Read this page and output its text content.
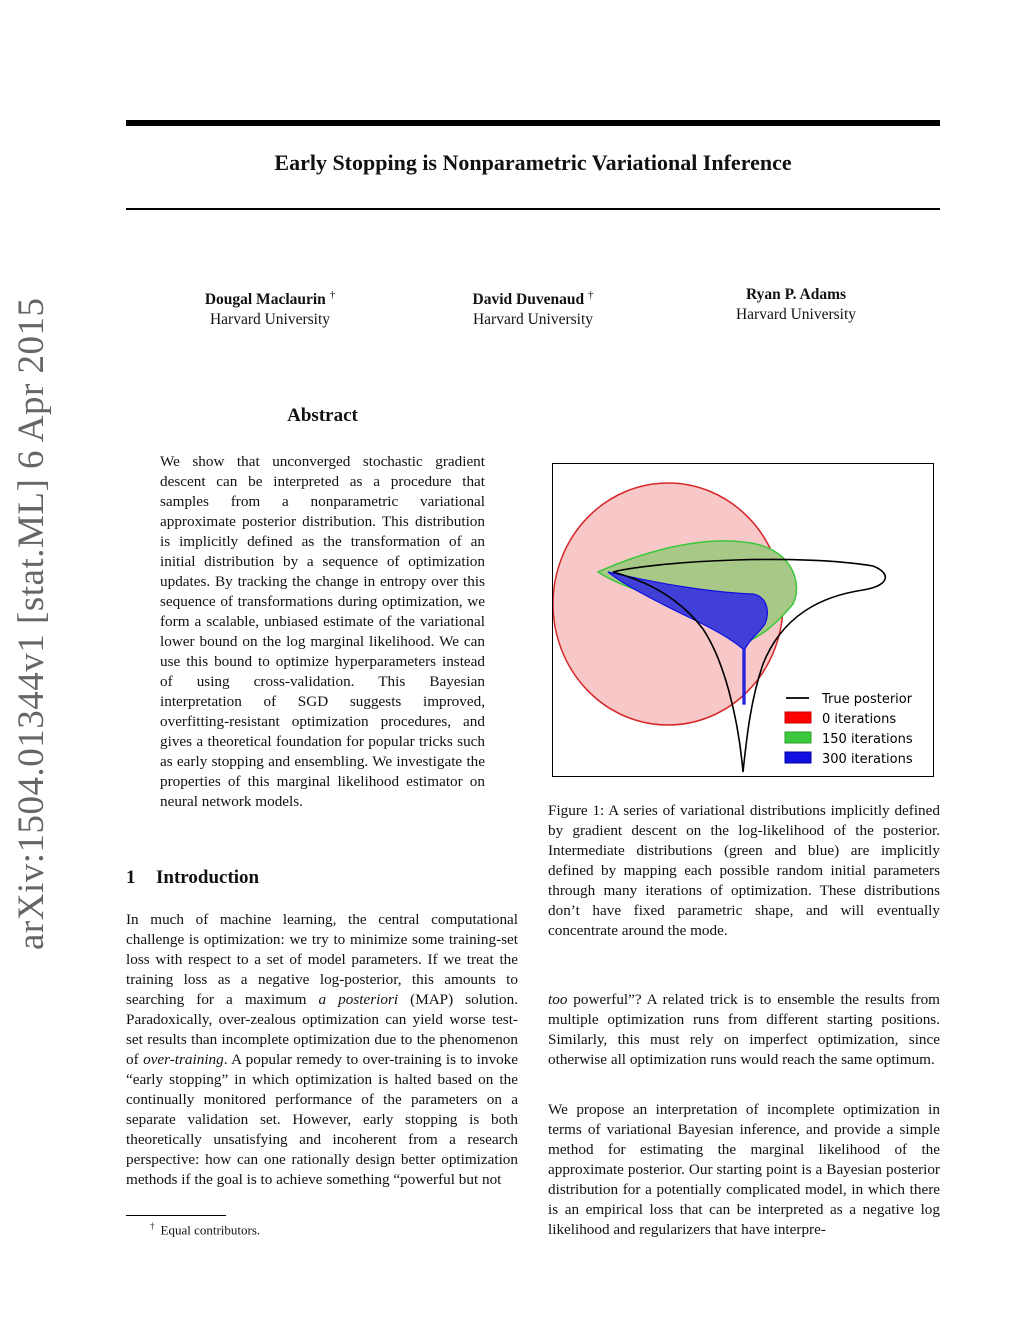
arXiv:1504.01344v1 [stat.ML] 6 Apr 2015
Early Stopping is Nonparametric Variational Inference
Dougal Maclaurin †
Harvard University
David Duvenaud †
Harvard University
Ryan P. Adams
Harvard University
Abstract
We show that unconverged stochastic gradient descent can be interpreted as a procedure that samples from a nonparametric variational approximate posterior distribution. This distribution is implicitly defined as the transformation of an initial distribution by a sequence of optimization updates. By tracking the change in entropy over this sequence of transformations during optimization, we form a scalable, unbiased estimate of the variational lower bound on the log marginal likelihood. We can use this bound to optimize hyperparameters instead of using cross-validation. This Bayesian interpretation of SGD suggests improved, overfitting-resistant optimization procedures, and gives a theoretical foundation for popular tricks such as early stopping and ensembling. We investigate the properties of this marginal likelihood estimator on neural network models.
1 Introduction
In much of machine learning, the central computational challenge is optimization: we try to minimize some training-set loss with respect to a set of model parameters. If we treat the training loss as a negative log-posterior, this amounts to searching for a maximum a posteriori (MAP) solution. Paradoxically, over-zealous optimization can yield worse test-set results than incomplete optimization due to the phenomenon of over-training. A popular remedy to over-training is to invoke “early stopping” in which optimization is halted based on the continually monitored performance of the parameters on a separate validation set. However, early stopping is both theoretically unsatisfying and incoherent from a research perspective: how can one rationally design better optimization methods if the goal is to achieve something “powerful but not
† Equal contributors.
True posterior
0 iterations
150 iterations
300 iterations
Figure 1: A series of variational distributions implicitly defined by gradient descent on the log-likelihood of the posterior. Intermediate distributions (green and blue) are implicitly defined by mapping each possible random initial parameters through many iterations of optimization. These distributions don’t have fixed parametric shape, and will eventually concentrate around the mode.
too powerful”? A related trick is to ensemble the results from multiple optimization runs from different starting positions. Similarly, this must rely on imperfect optimization, since otherwise all optimization runs would reach the same optimum.
We propose an interpretation of incomplete optimization in terms of variational Bayesian inference, and provide a simple method for estimating the marginal likelihood of the approximate posterior. Our starting point is a Bayesian posterior distribution for a potentially complicated model, in which there is an empirical loss that can be interpreted as a negative log likelihood and regularizers that have interpre-
